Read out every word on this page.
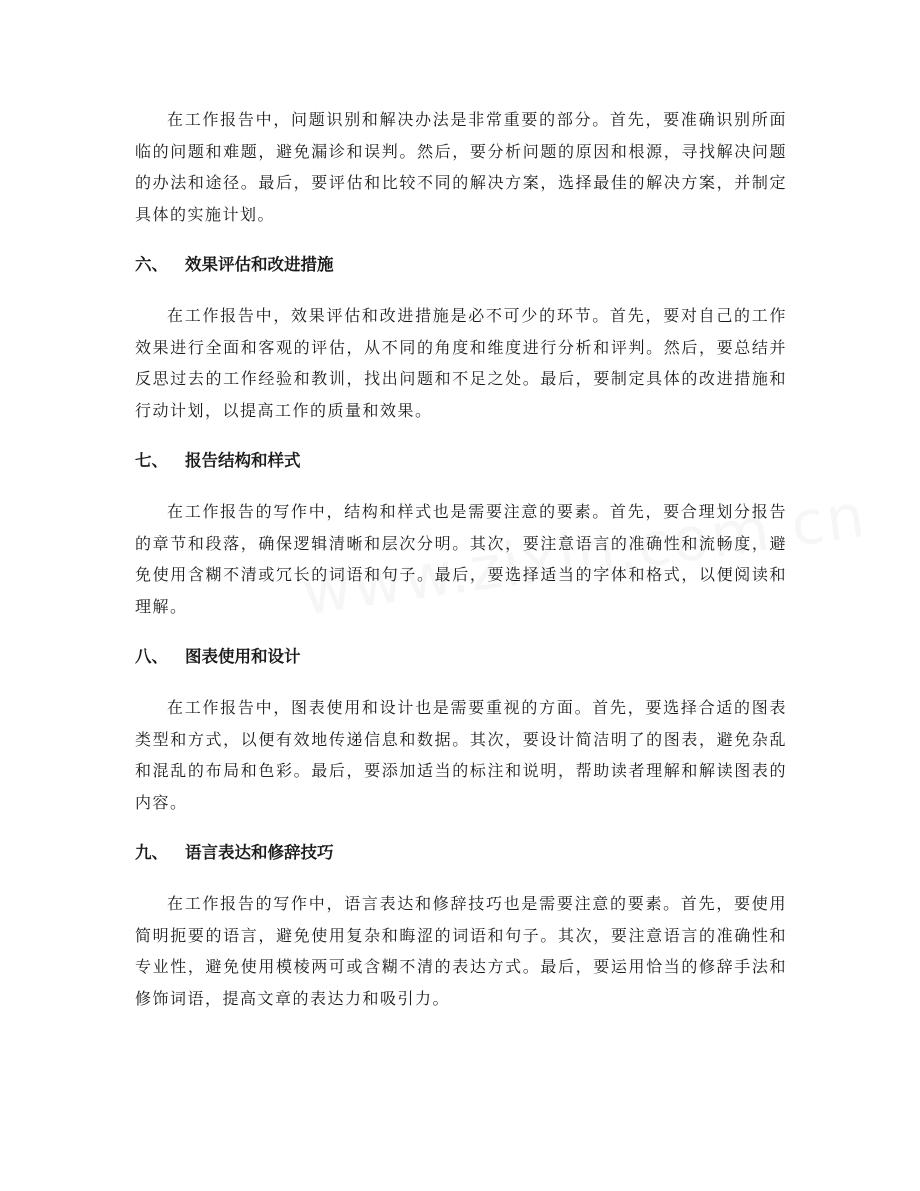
在工作报告中，问题识别和解决办法是非常重要的部分。首先，要准确识别所面临的问题和难题，避免漏诊和误判。然后，要分析问题的原因和根源，寻找解决问题的办法和途径。最后，要评估和比较不同的解决方案，选择最佳的解决方案，并制定具体的实施计划。

六、	效果评估和改进措施

在工作报告中，效果评估和改进措施是必不可少的环节。首先，要对自己的工作效果进行全面和客观的评估，从不同的角度和维度进行分析和评判。然后，要总结并反思过去的工作经验和教训，找出问题和不足之处。最后，要制定具体的改进措施和行动计划，以提高工作的质量和效果。

七、	报告结构和样式

在工作报告的写作中，结构和样式也是需要注意的要素。首先，要合理划分报告的章节和段落，确保逻辑清晰和层次分明。其次，要注意语言的准确性和流畅度，避免使用含糊不清或冗长的词语和句子。最后，要选择适当的字体和格式，以便阅读和理解。

八、	图表使用和设计

在工作报告中，图表使用和设计也是需要重视的方面。首先，要选择合适的图表类型和方式，以便有效地传递信息和数据。其次，要设计简洁明了的图表，避免杂乱和混乱的布局和色彩。最后，要添加适当的标注和说明，帮助读者理解和解读图表的内容。

九、	语言表达和修辞技巧

在工作报告的写作中，语言表达和修辞技巧也是需要注意的要素。首先，要使用简明扼要的语言，避免使用复杂和晦涩的词语和句子。其次，要注意语言的准确性和专业性，避免使用模棱两可或含糊不清的表达方式。最后，要运用恰当的修辞手法和修饰词语，提高文章的表达力和吸引力。
